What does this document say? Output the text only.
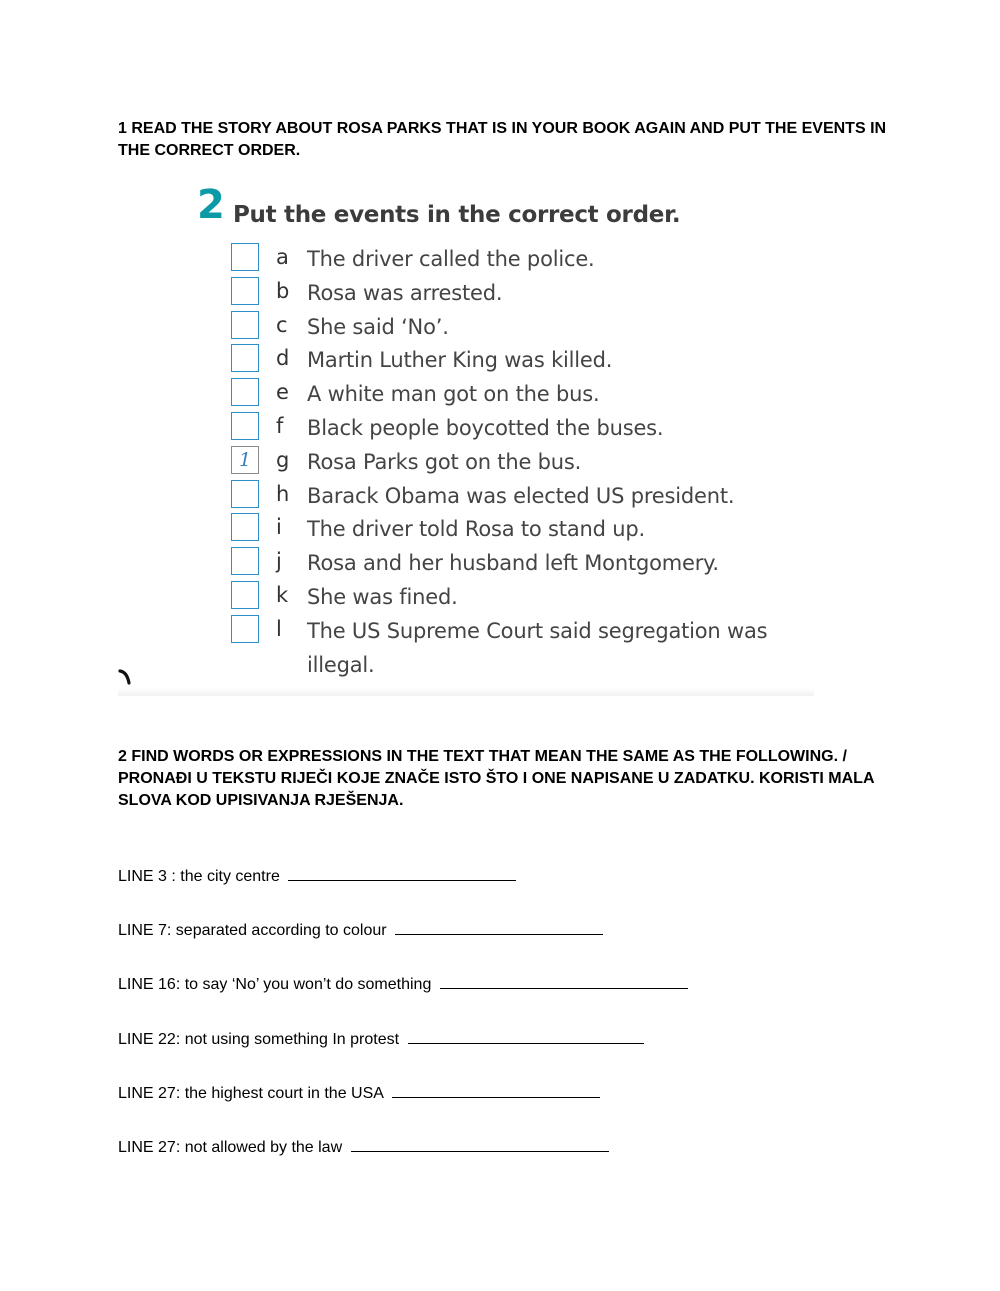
1 READ THE STORY ABOUT ROSA PARKS THAT IS IN YOUR BOOK AGAIN AND PUT THE EVENTS IN THE CORRECT ORDER.
2 Put the events in the correct order.
a The driver called the police.
b Rosa was arrested.
c She said ‘No’.
d Martin Luther King was killed.
e A white man got on the bus.
f Black people boycotted the buses.
1	g Rosa Parks got on the bus.
h Barack Obama was elected US president.
i The driver told Rosa to stand up.
j Rosa and her husband left Montgomery.
k She was fined.
l The US Supreme Court said segregation was illegal.
2 FIND WORDS OR EXPRESSIONS IN THE TEXT THAT MEAN THE SAME AS THE FOLLOWING. / PRONAĐI U TEKSTU RIJEČI KOJE ZNAČE ISTO ŠTO I ONE NAPISANE U ZADATKU. KORISTI MALA SLOVA KOD UPISIVANJA RJEŠENJA.
LINE 3 : the city centre
LINE 7: separated according to colour
LINE 16: to say ‘No’ you won’t do something
LINE 22: not using something In protest
LINE 27: the highest court in the USA
LINE 27: not allowed by the law
